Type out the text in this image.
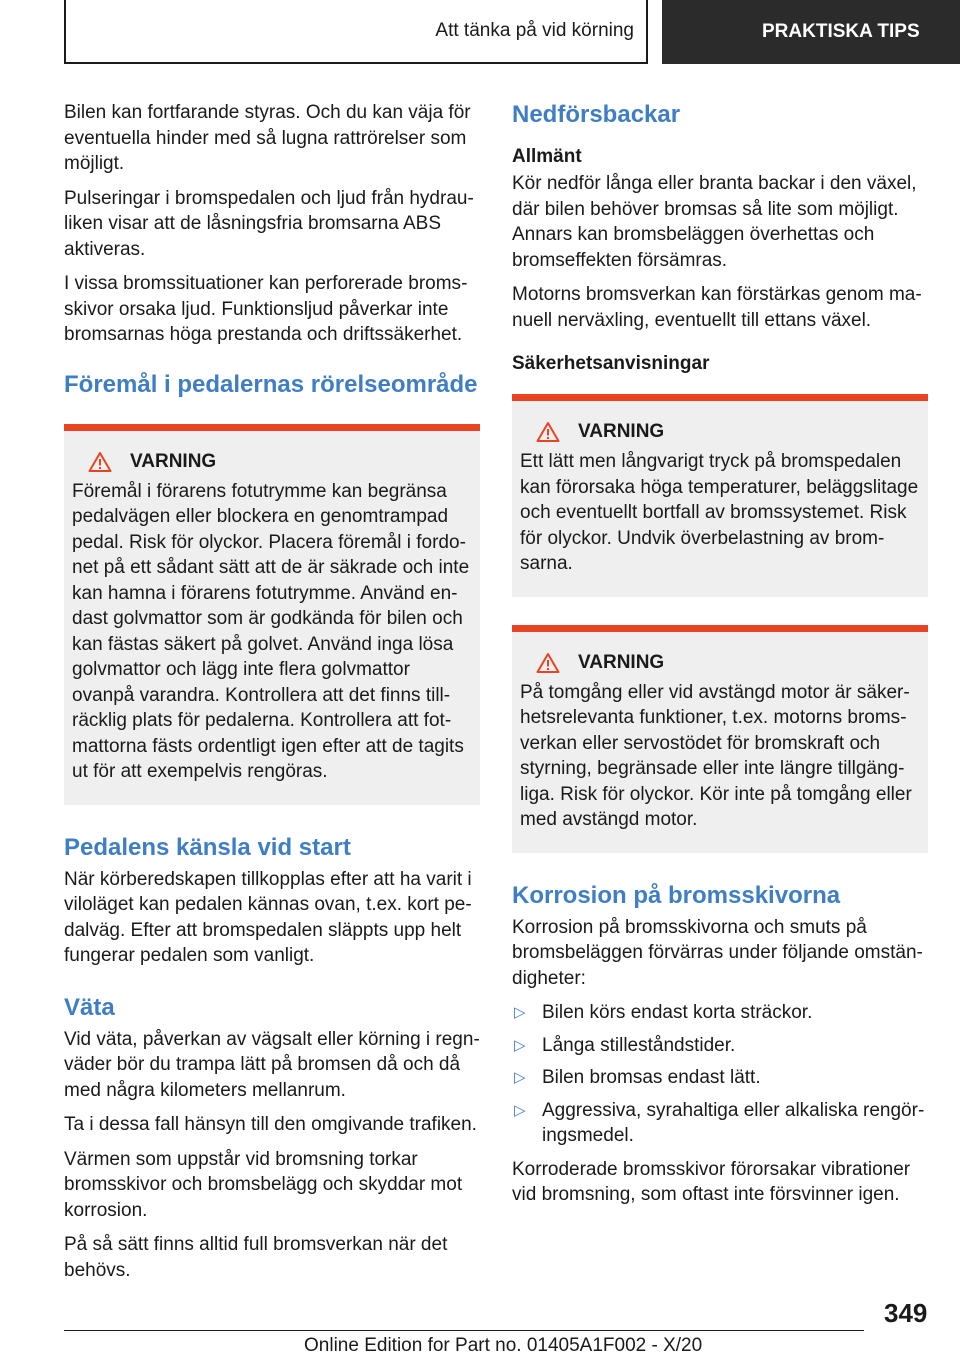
Att tänka på vid körning	PRAKTISKA TIPS

Bilen kan fortfarande styras. Och du kan väja för eventuella hinder med så lugna rattrörelser som möjligt.

Pulseringar i bromspedalen och ljud från hydrauliken visar att de låsningsfria bromsarna ABS aktiveras.

I vissa bromssituationer kan perforerade bromsskivor orsaka ljud. Funktionsljud påverkar inte bromsarnas höga prestanda och driftssäkerhet.

Föremål i pedalernas rörelseområde
VARNING

Föremål i förarens fotutrymme kan begränsa pedalvägen eller blockera en genomtrampad pedal. Risk för olyckor. Placera föremål i fordonet på ett sådant sätt att de är säkrade och inte kan hamna i förarens fotutrymme. Använd endast golvmattor som är godkända för bilen och kan fästas säkert på golvet. Använd inga lösa golvmattor och lägg inte flera golvmattor ovanpå varandra. Kontrollera att det finns tillräcklig plats för pedalerna. Kontrollera att fotmattorna fästs ordentligt igen efter att de tagits ut för att exempelvis rengöras.

Pedalens känsla vid start

När körberedskapen tillkopplas efter att ha varit i viloläget kan pedalen kännas ovan, t.ex. kort pedalväg. Efter att bromspedalen släppts upp helt fungerar pedalen som vanligt.

Väta

Vid väta, påverkan av vägsalt eller körning i regnväder bör du trampa lätt på bromsen då och då med några kilometers mellanrum.

Ta i dessa fall hänsyn till den omgivande trafiken.

Värmen som uppstår vid bromsning torkar bromsskivor och bromsbelägg och skyddar mot korrosion.

På så sätt finns alltid full bromsverkan när det behövs.

Nedförsbackar
Allmänt

Kör nedför långa eller branta backar i den växel, där bilen behöver bromsas så lite som möjligt. Annars kan bromsbeläggen överhettas och bromseffekten försämras.

Motorns bromsverkan kan förstärkas genom manuell nerväxling, eventuellt till ettans växel.

Säkerhetsanvisningar
VARNING

Ett lätt men långvarigt tryck på bromspedalen kan förorsaka höga temperaturer, beläggslitage och eventuellt bortfall av bromssystemet. Risk för olyckor. Undvik överbelastning av bromsarna.

VARNING

På tomgång eller vid avstängd motor är säkerhetsrelevanta funktioner, t.ex. motorns bromsverkan eller servostödet för bromskraft och styrning, begränsade eller inte längre tillgängliga. Risk för olyckor. Kör inte på tomgång eller med avstängd motor.

Korrosion på bromsskivorna

Korrosion på bromsskivorna och smuts på bromsbeläggen förvärras under följande omständigheter:

▷ Bilen körs endast korta sträckor.
▷ Långa stilleståndstider.
▷ Bilen bromsas endast lätt.
▷ Aggressiva, syrahaltiga eller alkaliska rengöringsmedel.

Korroderade bromsskivor förorsakar vibrationer vid bromsning, som oftast inte försvinner igen.

349
Online Edition for Part no. 01405A1F002 - X/20
